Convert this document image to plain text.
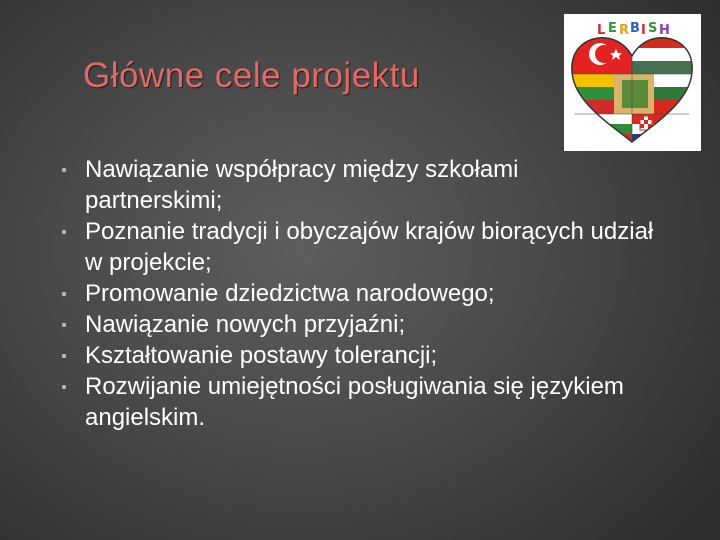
Główne cele projektu
L E R B I S H
Nawiązanie współpracy między szkołami partnerskimi;
Poznanie tradycji i obyczajów krajów biorących udział w projekcie;
Promowanie dziedzictwa narodowego;
Nawiązanie nowych przyjaźni;
Kształtowanie postawy tolerancji;
Rozwijanie umiejętności posługiwania się językiem angielskim.
